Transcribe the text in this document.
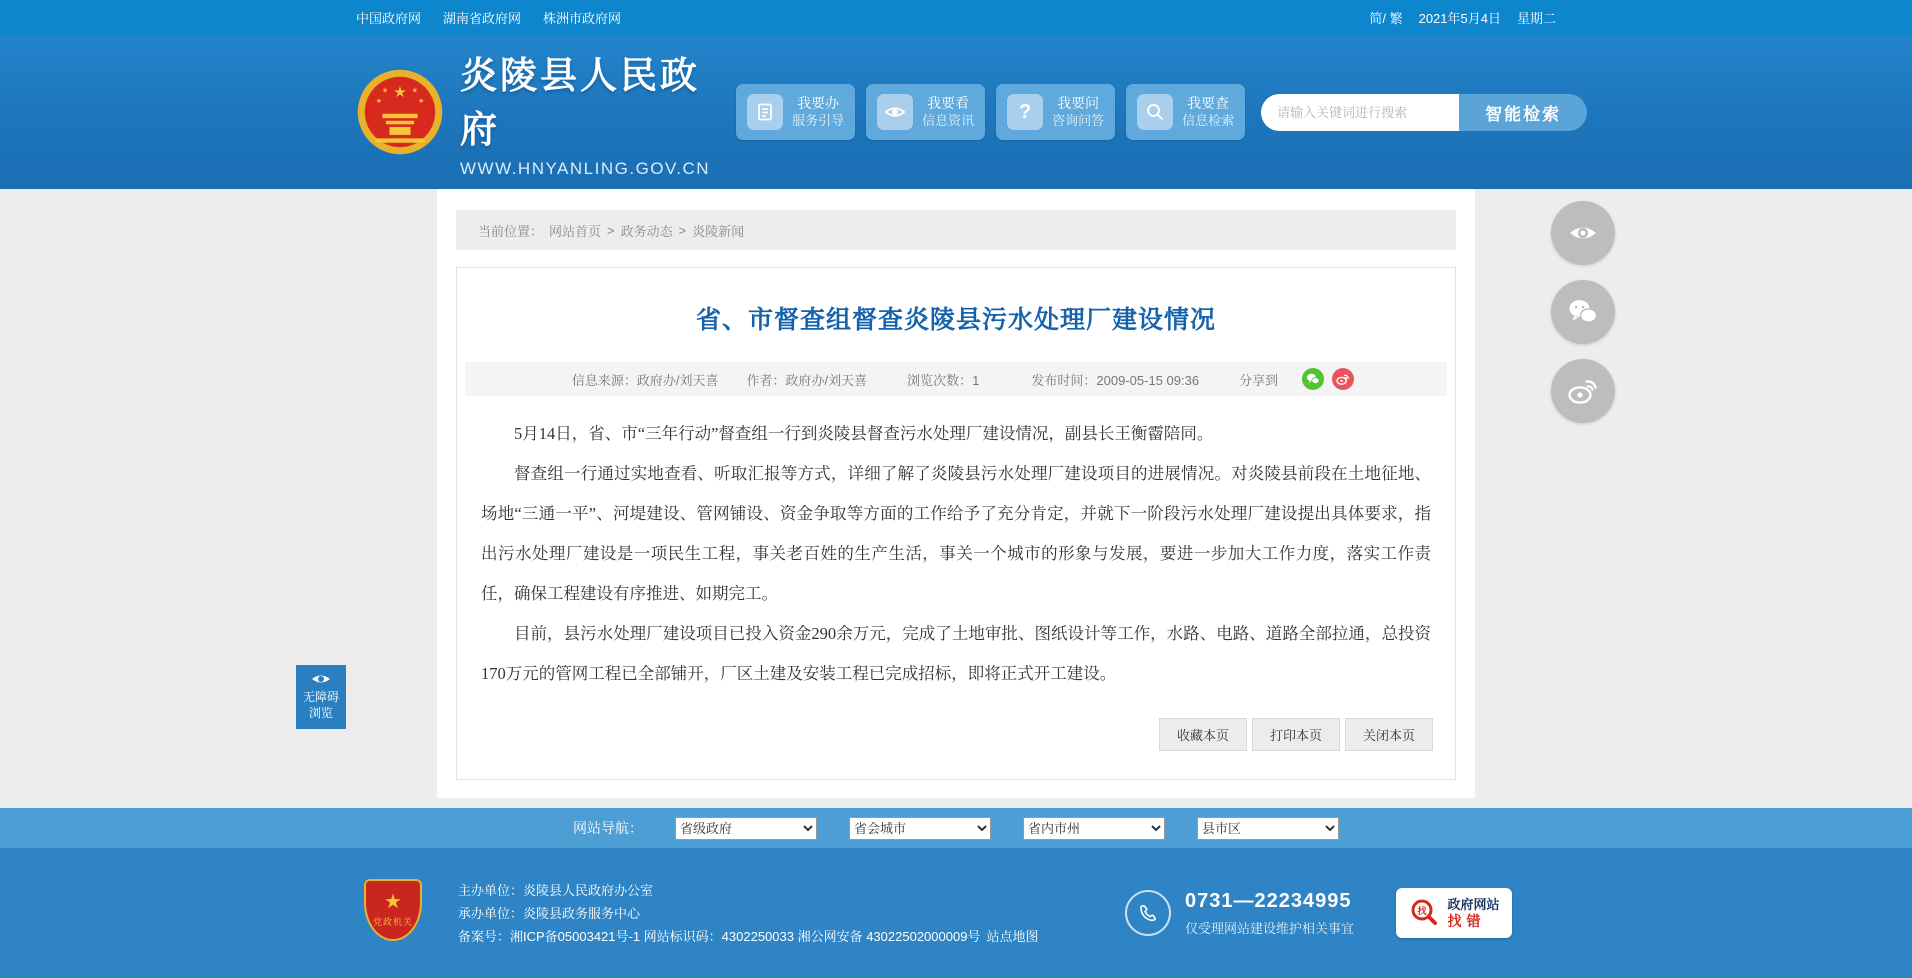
中国政府网 湖南省政府网 株洲市政府网	简/ 繁 2021年5月4日 星期二
★
★	★
★	★
炎陵县人民政府
WWW.HNYANLING.GOV.CN
我要办
服务引导
我要看
信息资讯	?	我要问
咨询问答
我要查
信息检索
请输入关键词进行搜索	智能检索
当前位置： 网站首页 > 政务动态 > 炎陵新闻
省、市督查组督查炎陵县污水处理厂建设情况
信息来源：政府办/刘天喜 作者：政府办/刘天喜	浏览次数：1	发布时间：2009-05-15 09:36	分享到

5月14日，省、市“三年行动”督查组一行到炎陵县督查污水处理厂建设情况，副县长王衡霤陪同。

督查组一行通过实地查看、听取汇报等方式，详细了解了炎陵县污水处理厂建设项目的进展情况。对炎陵县前段在土地征地、场地“三通一平”、河堤建设、管网铺设、资金争取等方面的工作给予了充分肯定，并就下一阶段污水处理厂建设提出具体要求，指出污水处理厂建设是一项民生工程，事关老百姓的生产生活，事关一个城市的形象与发展，要进一步加大工作力度，落实工作责任，确保工程建设有序推进、如期完工。

目前，县污水处理厂建设项目已投入资金290余万元，完成了土地审批、图纸设计等工作，水路、电路、道路全部拉通，总投资170万元的管网工程已全部铺开，厂区土建及安装工程已完成招标，即将正式开工建设。

收藏本页	打印本页	关闭本页
网站导航：
省级政府
省会城市
省内市州
县市区
★
党政机关
主办单位：炎陵县人民政府办公室
承办单位：炎陵县政务服务中心
备案号：湘ICP备05003421号-1 网站标识码：4302250033 湘公网安备 43022502000009号 站点地图
0731—22234995
仅受理网站建设维护相关事宜
找 政府网站
找错
无障碍
浏览
